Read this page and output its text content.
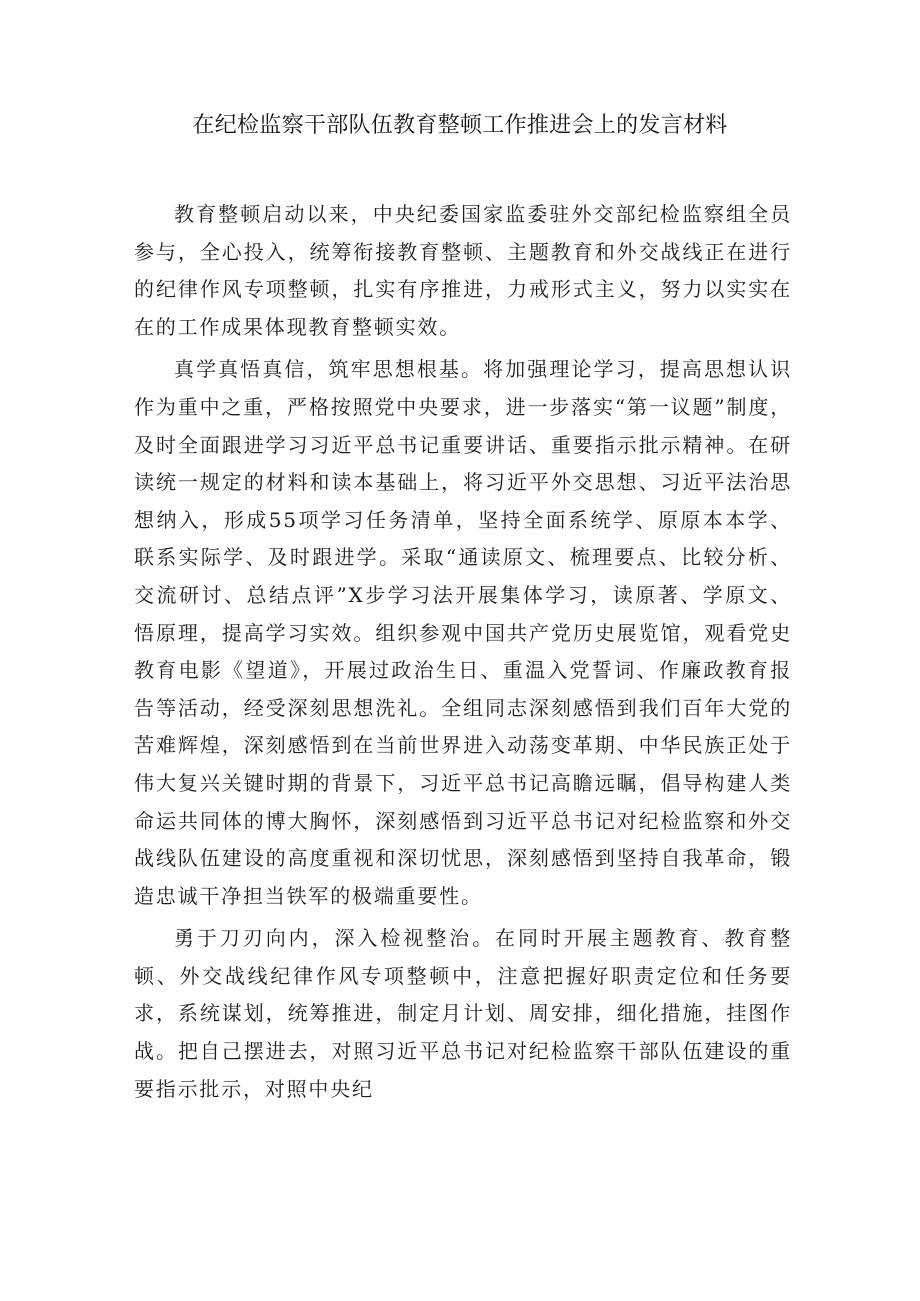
在纪检监察干部队伍教育整顿工作推进会上的发言材料

教育整顿启动以来，中央纪委国家监委驻外交部纪检监察组全员参与，全心投入，统筹衔接教育整顿、主题教育和外交战线正在进行的纪律作风专项整顿，扎实有序推进，力戒形式主义，努力以实实在在的工作成果体现教育整顿实效。

真学真悟真信，筑牢思想根基。将加强理论学习，提高思想认识作为重中之重，严格按照党中央要求，进一步落实“第一议题”制度，及时全面跟进学习习近平总书记重要讲话、重要指示批示精神。在研读统一规定的材料和读本基础上，将习近平外交思想、习近平法治思想纳入，形成55项学习任务清单，坚持全面系统学、原原本本学、联系实际学、及时跟进学。采取“通读原文、梳理要点、比较分析、交流研讨、总结点评”X步学习法开展集体学习，读原著、学原文、悟原理，提高学习实效。组织参观中国共产党历史展览馆，观看党史教育电影《望道》，开展过政治生日、重温入党誓词、作廉政教育报告等活动，经受深刻思想洗礼。全组同志深刻感悟到我们百年大党的苦难辉煌，深刻感悟到在当前世界进入动荡变革期、中华民族正处于伟大复兴关键时期的背景下，习近平总书记高瞻远瞩，倡导构建人类命运共同体的博大胸怀，深刻感悟到习近平总书记对纪检监察和外交战线队伍建设的高度重视和深切忧思，深刻感悟到坚持自我革命，锻造忠诚干净担当铁军的极端重要性。

勇于刀刃向内，深入检视整治。在同时开展主题教育、教育整顿、外交战线纪律作风专项整顿中，注意把握好职责定位和任务要求，系统谋划，统筹推进，制定月计划、周安排，细化措施，挂图作战。把自己摆进去，对照习近平总书记对纪检监察干部队伍建设的重要指示批示，对照中央纪
